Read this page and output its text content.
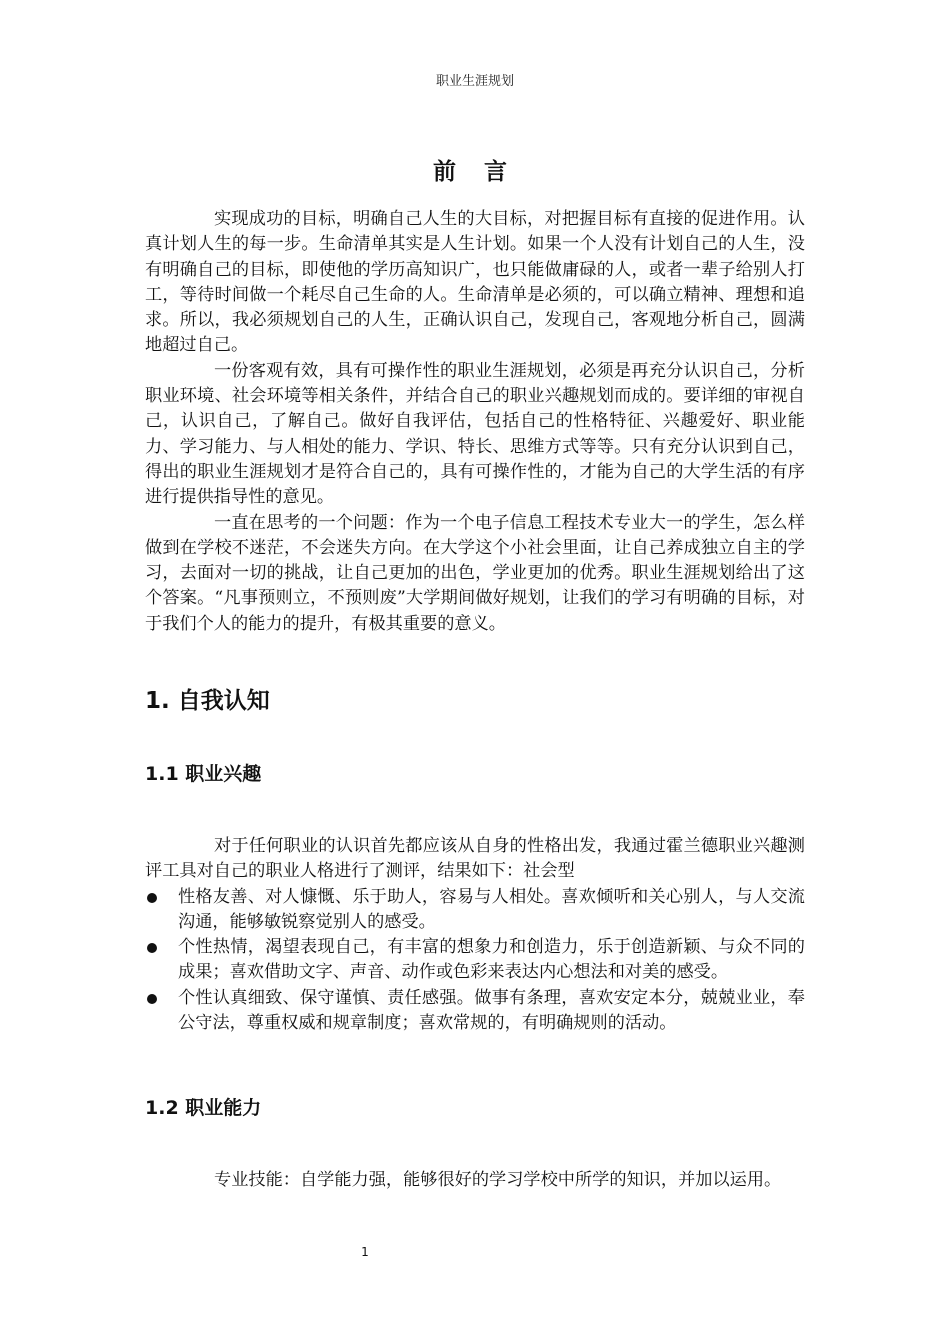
职业生涯规划
前 言

实现成功的目标，明确自己人生的大目标，对把握目标有直接的促进作用。认真计划人生的每一步。生命清单其实是人生计划。如果一个人没有计划自己的人生，没有明确自己的目标，即使他的学历高知识广，也只能做庸碌的人，或者一辈子给别人打工，等待时间做一个耗尽自己生命的人。生命清单是必须的，可以确立精神、理想和追求。所以，我必须规划自己的人生，正确认识自己，发现自己，客观地分析自己，圆满地超过自己。

一份客观有效，具有可操作性的职业生涯规划，必须是再充分认识自己，分析职业环境、社会环境等相关条件，并结合自己的职业兴趣规划而成的。要详细的审视自己，认识自己，了解自己。做好自我评估，包括自己的性格特征、兴趣爱好、职业能力、学习能力、与人相处的能力、学识、特长、思维方式等等。只有充分认识到自己，得出的职业生涯规划才是符合自己的，具有可操作性的，才能为自己的大学生活的有序进行提供指导性的意见。

一直在思考的一个问题：作为一个电子信息工程技术专业大一的学生，怎么样做到在学校不迷茫，不会迷失方向。在大学这个小社会里面，让自己养成独立自主的学习，去面对一切的挑战，让自己更加的出色，学业更加的优秀。职业生涯规划给出了这个答案。“凡事预则立，不预则废”大学期间做好规划，让我们的学习有明确的目标，对于我们个人的能力的提升，有极其重要的意义。

1. 自我认知
1.1 职业兴趣

对于任何职业的认识首先都应该从自身的性格出发，我通过霍兰德职业兴趣测评工具对自己的职业人格进行了测评，结果如下：社会型

性格友善、对人慷慨、乐于助人，容易与人相处。喜欢倾听和关心别人，与人交流沟通，能够敏锐察觉别人的感受。
个性热情，渴望表现自己，有丰富的想象力和创造力，乐于创造新颖、与众不同的成果；喜欢借助文字、声音、动作或色彩来表达内心想法和对美的感受。
个性认真细致、保守谨慎、责任感强。做事有条理，喜欢安定本分，兢兢业业，奉公守法，尊重权威和规章制度；喜欢常规的，有明确规则的活动。
1.2 职业能力

专业技能：自学能力强，能够很好的学习学校中所学的知识，并加以运用。

1
